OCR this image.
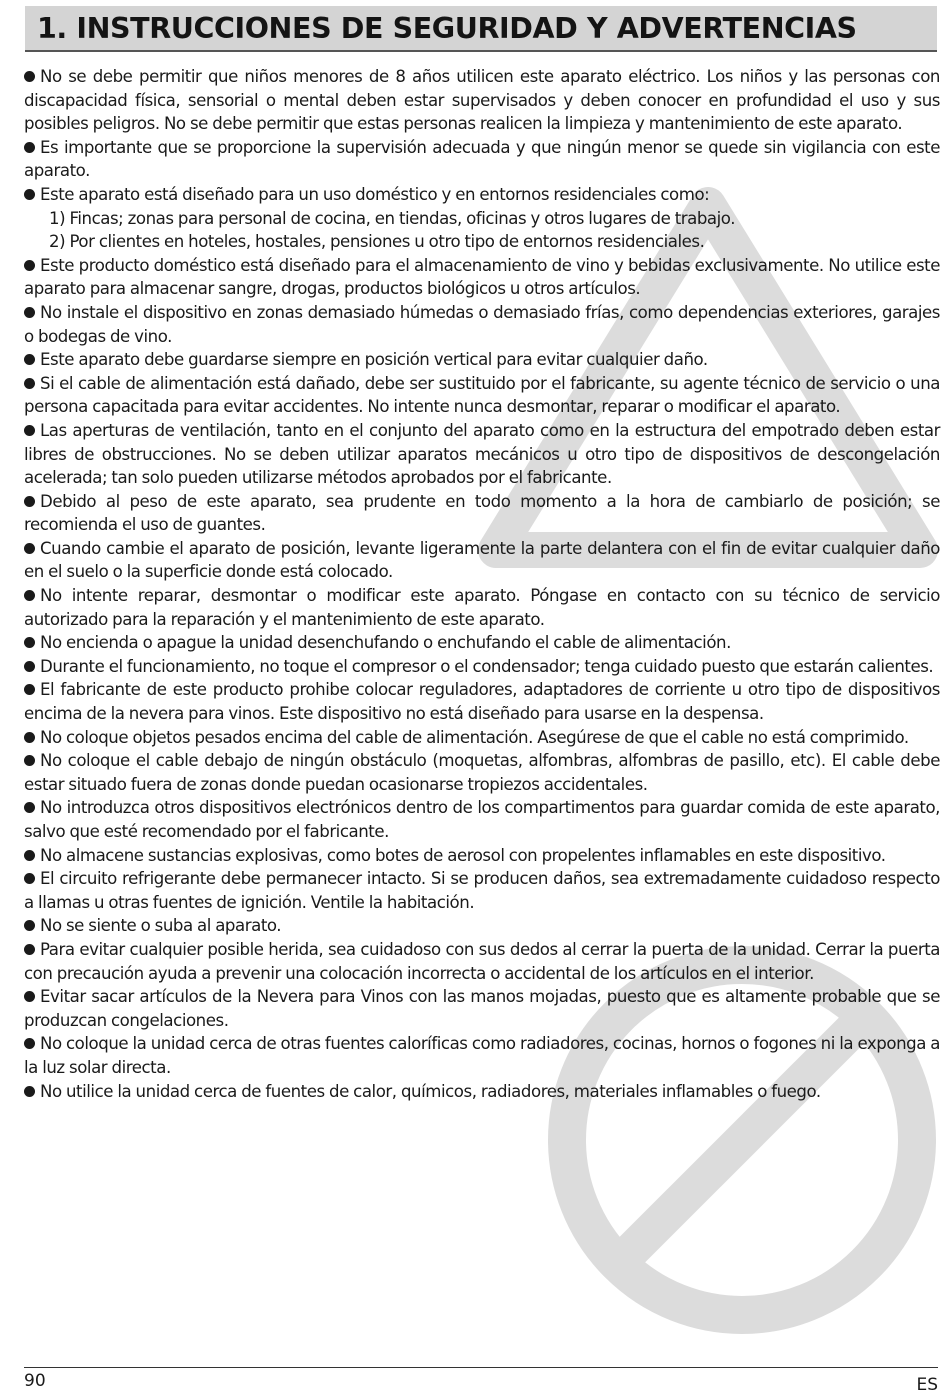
1. INSTRUCCIONES DE SEGURIDAD Y ADVERTENCIAS

No se debe permitir que niños menores de 8 años utilicen este aparato eléctrico. Los niños y las personas con discapacidad física, sensorial o mental deben estar supervisados y deben conocer en profundidad el uso y sus posibles peligros. No se debe permitir que estas personas realicen la limpieza y mantenimiento de este aparato.

Es importante que se proporcione la supervisión adecuada y que ningún menor se quede sin vigilancia con este aparato.

Este aparato está diseñado para un uso doméstico y en entornos residenciales como:

1) Fincas; zonas para personal de cocina, en tiendas, oficinas y otros lugares de trabajo.

2) Por clientes en hoteles, hostales, pensiones u otro tipo de entornos residenciales.

Este producto doméstico está diseñado para el almacenamiento de vino y bebidas exclusivamente. No utilice este aparato para almacenar sangre, drogas, productos biológicos u otros artículos.

No instale el dispositivo en zonas demasiado húmedas o demasiado frías, como dependencias exteriores, garajes o bodegas de vino.

Este aparato debe guardarse siempre en posición vertical para evitar cualquier daño.

Si el cable de alimentación está dañado, debe ser sustituido por el fabricante, su agente técnico de servicio o una persona capacitada para evitar accidentes. No intente nunca desmontar, reparar o modificar el aparato.

Las aperturas de ventilación, tanto en el conjunto del aparato como en la estructura del empotrado deben estar libres de obstrucciones. No se deben utilizar aparatos mecánicos u otro tipo de dispositivos de descongelación acelerada; tan solo pueden utilizarse métodos aprobados por el fabricante.

Debido al peso de este aparato, sea prudente en todo momento a la hora de cambiarlo de posición; se recomienda el uso de guantes.

Cuando cambie el aparato de posición, levante ligeramente la parte delantera con el fin de evitar cualquier daño en el suelo o la superficie donde está colocado.

No intente reparar, desmontar o modificar este aparato. Póngase en contacto con su técnico de servicio autorizado para la reparación y el mantenimiento de este aparato.

No encienda o apague la unidad desenchufando o enchufando el cable de alimentación.

Durante el funcionamiento, no toque el compresor o el condensador; tenga cuidado puesto que estarán calientes.

El fabricante de este producto prohibe colocar reguladores, adaptadores de corriente u otro tipo de dispositivos encima de la nevera para vinos. Este dispositivo no está diseñado para usarse en la despensa.

No coloque objetos pesados encima del cable de alimentación. Asegúrese de que el cable no está comprimido.

No coloque el cable debajo de ningún obstáculo (moquetas, alfombras, alfombras de pasillo, etc). El cable debe estar situado fuera de zonas donde puedan ocasionarse tropiezos accidentales.

No introduzca otros dispositivos electrónicos dentro de los compartimentos para guardar comida de este aparato, salvo que esté recomendado por el fabricante.

No almacene sustancias explosivas, como botes de aerosol con propelentes inflamables en este dispositivo.

El circuito refrigerante debe permanecer intacto. Si se producen daños, sea extremadamente cuidadoso respecto a llamas u otras fuentes de ignición. Ventile la habitación.

No se siente o suba al aparato.

Para evitar cualquier posible herida, sea cuidadoso con sus dedos al cerrar la puerta de la unidad. Cerrar la puerta con precaución ayuda a prevenir una colocación incorrecta o accidental de los artículos en el interior.

Evitar sacar artículos de la Nevera para Vinos con las manos mojadas, puesto que es altamente probable que se produzcan congelaciones.

No coloque la unidad cerca de otras fuentes caloríficas como radiadores, cocinas, hornos o fogones ni la exponga a la luz solar directa.

No utilice la unidad cerca de fuentes de calor, químicos, radiadores, materiales inflamables o fuego.

90	ES
